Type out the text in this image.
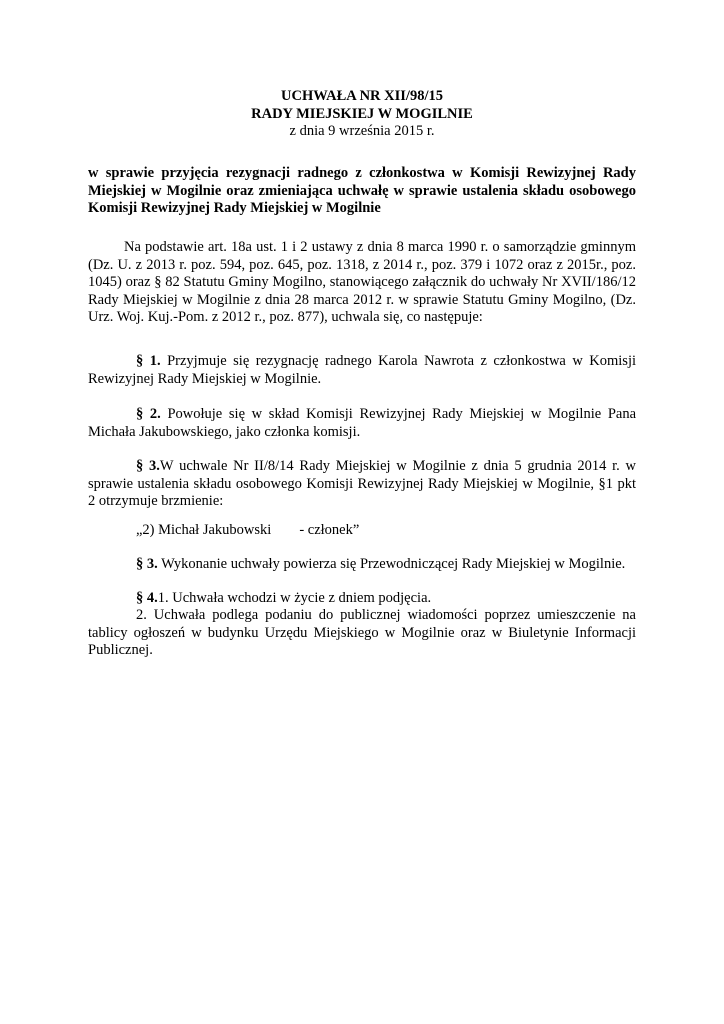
UCHWAŁA NR XII/98/15
RADY MIEJSKIEJ W MOGILNIE
z dnia 9 września 2015 r.
w sprawie przyjęcia rezygnacji radnego z członkostwa w Komisji Rewizyjnej Rady Miejskiej w Mogilnie oraz zmieniająca uchwałę w sprawie ustalenia składu osobowego Komisji Rewizyjnej Rady Miejskiej w Mogilnie
Na podstawie art. 18a ust. 1 i 2 ustawy z dnia 8 marca 1990 r. o samorządzie gminnym (Dz. U. z 2013 r. poz. 594, poz. 645, poz. 1318, z 2014 r., poz. 379 i 1072 oraz z 2015r., poz. 1045) oraz § 82 Statutu Gminy Mogilno, stanowiącego załącznik do uchwały Nr XVII/186/12 Rady Miejskiej w Mogilnie z dnia 28 marca 2012 r. w sprawie Statutu Gminy Mogilno, (Dz. Urz. Woj. Kuj.-Pom. z 2012 r., poz. 877), uchwala się, co następuje:
§ 1. Przyjmuje się rezygnację radnego Karola Nawrota z członkostwa w Komisji Rewizyjnej Rady Miejskiej w Mogilnie.
§ 2. Powołuje się w skład Komisji Rewizyjnej Rady Miejskiej w Mogilnie Pana Michała Jakubowskiego, jako członka komisji.
§ 3.W uchwale Nr II/8/14 Rady Miejskiej w Mogilnie z dnia 5 grudnia 2014 r. w sprawie ustalenia składu osobowego Komisji Rewizyjnej Rady Miejskiej w Mogilnie, §1 pkt 2 otrzymuje brzmienie:
„2) Michał Jakubowski - członek”
§ 3. Wykonanie uchwały powierza się Przewodniczącej Rady Miejskiej w Mogilnie.
§ 4.1. Uchwała wchodzi w życie z dniem podjęcia.
2. Uchwała podlega podaniu do publicznej wiadomości poprzez umieszczenie na tablicy ogłoszeń w budynku Urzędu Miejskiego w Mogilnie oraz w Biuletynie Informacji Publicznej.
